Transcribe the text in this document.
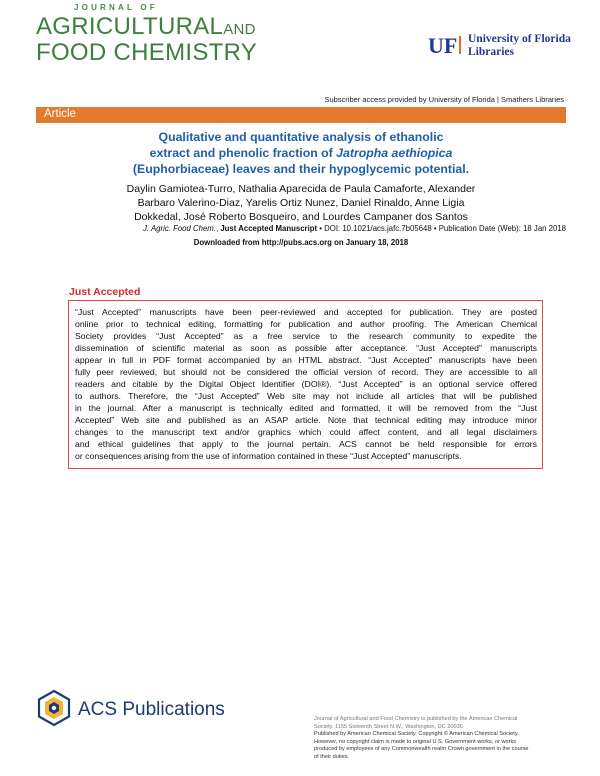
JOURNAL OF
AGRICULTURALAND
FOOD CHEMISTRY	UF University of Florida
Libraries
Subscriber access provided by University of Florida | Smathers Libraries
Article
Qualitative and quantitative analysis of ethanolic
extract and phenolic fraction of Jatropha aethiopica
(Euphorbiaceae) leaves and their hypoglycemic potential.
Daylin Gamiotea-Turro, Nathalia Aparecida de Paula Camaforte, Alexander
Barbaro Valerino-Diaz, Yarelis Ortiz Nunez, Daniel Rinaldo, Anne Ligia
Dokkedal, José Roberto Bosqueiro, and Lourdes Campaner dos Santos
J. Agric. Food Chem., Just Accepted Manuscript • DOI: 10.1021/acs.jafc.7b05648 • Publication Date (Web): 18 Jan 2018
Downloaded from http://pubs.acs.org on January 18, 2018
Just Accepted
“Just Accepted” manuscripts have been peer-reviewed and accepted for publication. They are posted
online prior to technical editing, formatting for publication and author proofing. The American Chemical
Society provides “Just Accepted” as a free service to the research community to expedite the
dissemination of scientific material as soon as possible after acceptance. “Just Accepted” manuscripts
appear in full in PDF format accompanied by an HTML abstract. “Just Accepted” manuscripts have been
fully peer reviewed, but should not be considered the official version of record. They are accessible to all
readers and citable by the Digital Object Identifier (DOI®). “Just Accepted” is an optional service offered
to authors. Therefore, the “Just Accepted” Web site may not include all articles that will be published
in the journal. After a manuscript is technically edited and formatted, it will be removed from the “Just
Accepted” Web site and published as an ASAP article. Note that technical editing may introduce minor
changes to the manuscript text and/or graphics which could affect content, and all legal disclaimers
and ethical guidelines that apply to the journal pertain. ACS cannot be held responsible for errors
or consequences arising from the use of information contained in these “Just Accepted” manuscripts.
ACS Publications	Journal of Agricultural and Food Chemistry is published by the American Chemical
Society. 1155 Sixteenth Street N.W., Washington, DC 20036
Published by American Chemical Society. Copyright © American Chemical Society.
However, no copyright claim is made to original U.S. Government works, or works
produced by employees of any Commonwealth realm Crown government in the course
of their duties.
